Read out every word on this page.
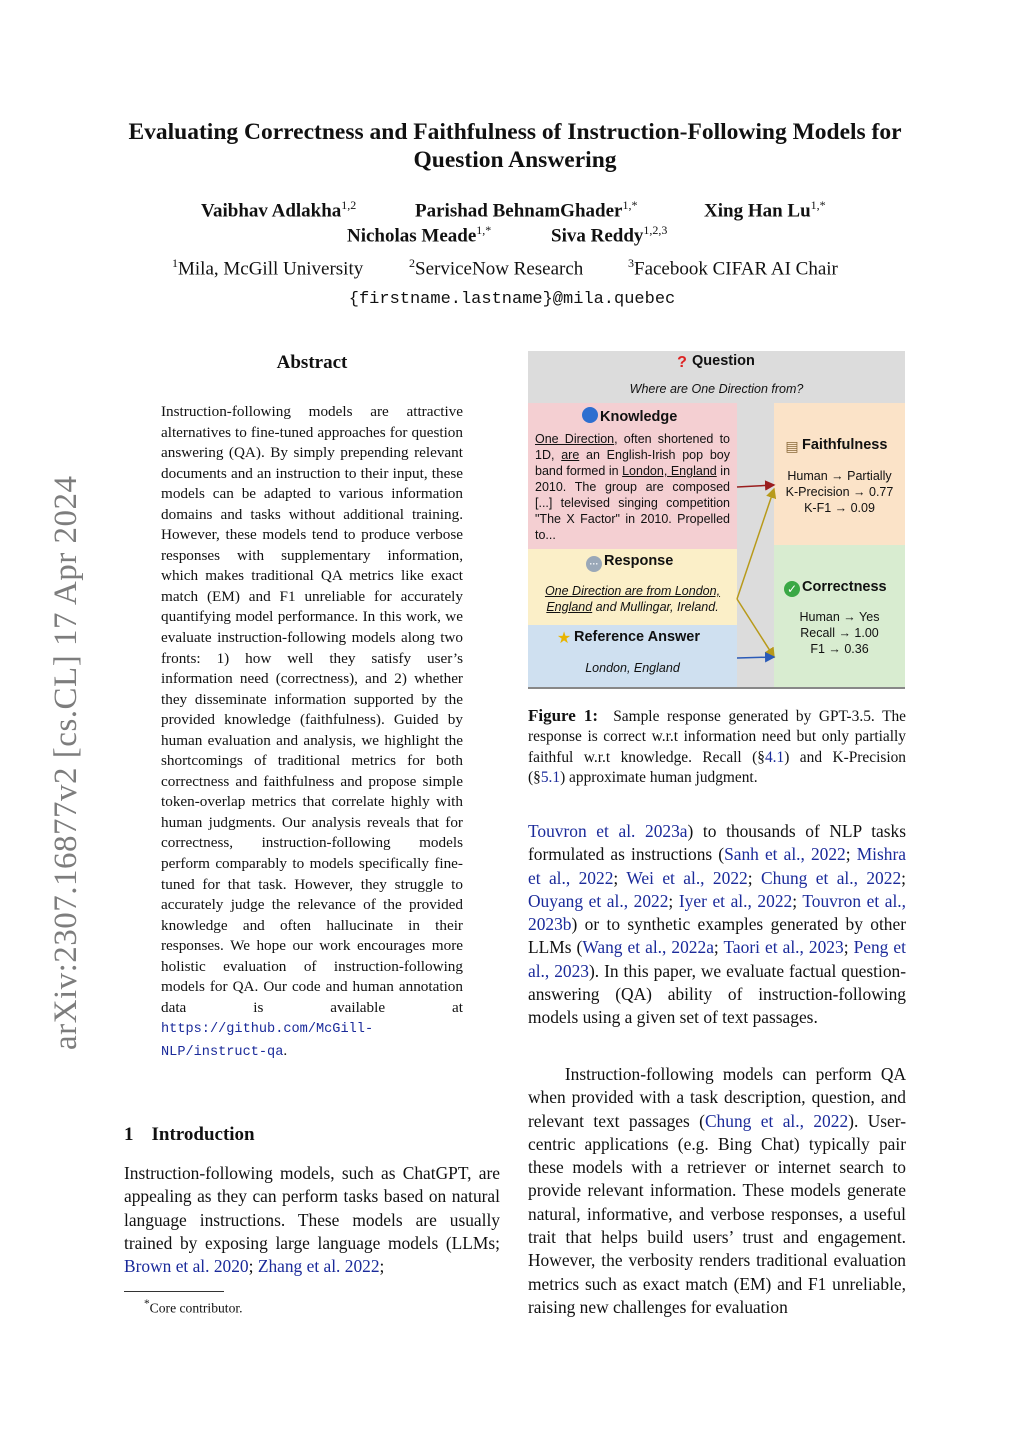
arXiv:2307.16877v2 [cs.CL] 17 Apr 2024
Evaluating Correctness and Faithfulness of Instruction-Following Models for Question Answering
Vaibhav Adlakha$^{1,2}$	Parishad BehnamGhader$^{1,*}$	Xing Han $Lu^{1,*}$
Nicholas Meade$^{1,*}$	Siva Reddy$^{1,2,3}$
$^1$Mila, McGill University	$^2$ServiceNow Research	$^3$Facebook CIFAR AI Chair
{firstname.lastname}@mila.quebec
Abstract
Instruction-following models are attractive alternatives to fine-tuned approaches for question answering (QA). By simply prepending relevant documents and an instruction to their input, these models can be adapted to various information domains and tasks without additional training. However, these models tend to produce verbose responses with supplementary information, which makes traditional QA metrics like exact match (EM) and F1 unreliable for accurately quantifying model performance. In this work, we evaluate instruction-following models along two fronts: 1) how well they satisfy user’s information need (correctness), and 2) whether they disseminate information supported by the provided knowledge (faithfulness). Guided by human evaluation and analysis, we highlight the shortcomings of traditional metrics for both correctness and faithfulness and propose simple token-overlap metrics that correlate highly with human judgments. Our analysis reveals that for correctness, instruction-following models perform comparably to models specifically fine-tuned for that task. However, they struggle to accurately judge the relevance of the provided knowledge and often hallucinate in their responses. We hope our work encourages more holistic evaluation of instruction-following models for QA. Our code and human annotation data is available at https://github.com/McGill-NLP/instruct-qa.
1 Introduction
Instruction-following models, such as ChatGPT, are appealing as they can perform tasks based on natural language instructions. These models are usually trained by exposing large language models (LLMs; Brown et al. 2020; Zhang et al. 2022;
*Core contributor.
? Question
Where are One Direction from?
Knowledge
One Direction, often shortened to 1D, are an English-Irish pop boy band formed in London, England in 2010. The group are composed [...] televised singing competition "The X Factor" in 2010. Propelled to...
··· Response
One Direction are from London, England and Mullingar, Ireland.
★ Reference Answer
London, England
▤ Faithfulness
Human → Partially
K-Precision → 0.77
K-F1 → 0.09
✓ Correctness
Human → Yes
Recall → 1.00
F1 → 0.36
Figure 1: Sample response generated by GPT-3.5. The response is correct w.r.t information need but only partially faithful w.r.t knowledge. Recall (§4.1) and K-Precision (§5.1) approximate human judgment.
Touvron et al. 2023a) to thousands of NLP tasks formulated as instructions (Sanh et al., 2022; Mishra et al., 2022; Wei et al., 2022; Chung et al., 2022; Ouyang et al., 2022; Iyer et al., 2022; Touvron et al., 2023b) or to synthetic examples generated by other LLMs (Wang et al., 2022a; Taori et al., 2023; Peng et al., 2023). In this paper, we evaluate factual question-answering (QA) ability of instruction-following models using a given set of text passages.
Instruction-following models can perform QA when provided with a task description, question, and relevant text passages (Chung et al., 2022). User-centric applications (e.g. Bing Chat) typically pair these models with a retriever or internet search to provide relevant information. These models generate natural, informative, and verbose responses, a useful trait that helps build users’ trust and engagement. However, the verbosity renders traditional evaluation metrics such as exact match (EM) and F1 unreliable, raising new challenges for evaluation
